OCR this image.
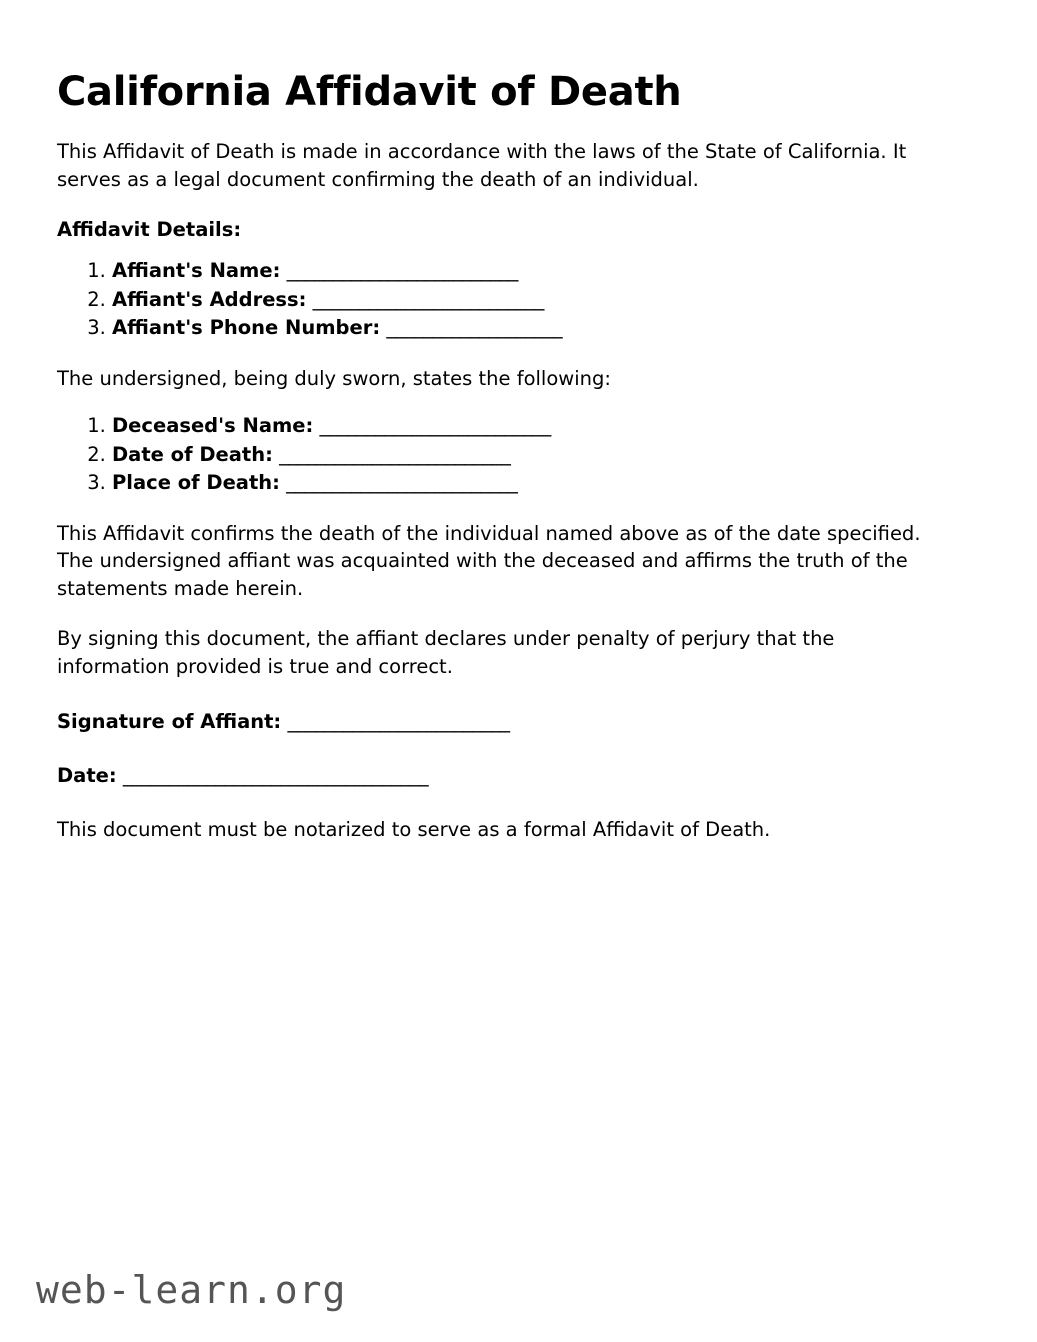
California Affidavit of Death

This Affidavit of Death is made in accordance with the laws of the State of California. It serves as a legal document confirming the death of an individual.

Affidavit Details:
1. Affiant's Name: _________________________
2. Affiant's Address: _________________________
3. Affiant's Phone Number: ___________________

The undersigned, being duly sworn, states the following:

1. Deceased's Name: _________________________
2. Date of Death: _________________________
3. Place of Death: _________________________

This Affidavit confirms the death of the individual named above as of the date specified. The undersigned affiant was acquainted with the deceased and affirms the truth of the statements made herein.

By signing this document, the affiant declares under penalty of perjury that the information provided is true and correct.

Signature of Affiant: ________________________
Date: _________________________________

This document must be notarized to serve as a formal Affidavit of Death.

web-learn.org
